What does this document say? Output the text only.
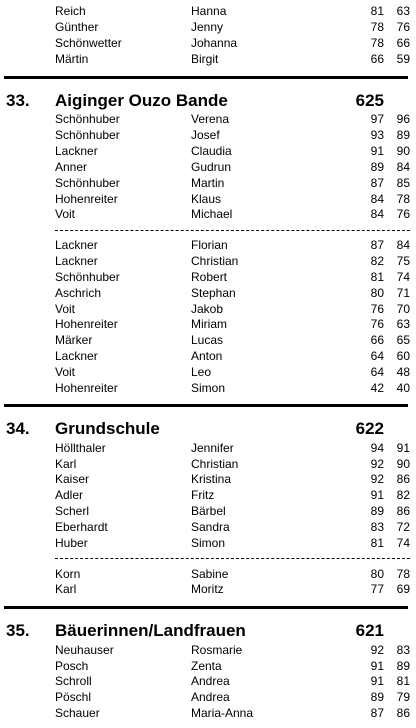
Reich	Hanna	81 63
Günther	Jenny	78 76
Schönwetter	Johanna	78 66
Märtin	Birgit	66 59
33. Aiginger Ouzo Bande	625
Schönhuber	Verena	97 96
Schönhuber	Josef	93 89
Lackner	Claudia	91 90
Anner	Gudrun	89 84
Schönhuber	Martin	87 85
Hohenreiter	Klaus	84 78
Voit	Michael	84 76
Lackner	Florian	87 84
Lackner	Christian	82 75
Schönhuber	Robert	81 74
Aschrich	Stephan	80 71
Voit	Jakob	76 70
Hohenreiter	Miriam	76 63
Märker	Lucas	66 65
Lackner	Anton	64 60
Voit	Leo	64 48
Hohenreiter	Simon	42 40
34. Grundschule	622
Höllthaler	Jennifer	94 91
Karl	Christian	92 90
Kaiser	Kristina	92 86
Adler	Fritz	91 82
Scherl	Bärbel	89 86
Eberhardt	Sandra	83 72
Huber	Simon	81 74
Korn	Sabine	80 78
Karl	Moritz	77 69
35. Bäuerinnen/Landfrauen	621
Neuhauser	Rosmarie	92 83
Posch	Zenta	91 89
Schroll	Andrea	91 81
Pöschl	Andrea	89 79
Schauer	Maria-Anna	87 86
